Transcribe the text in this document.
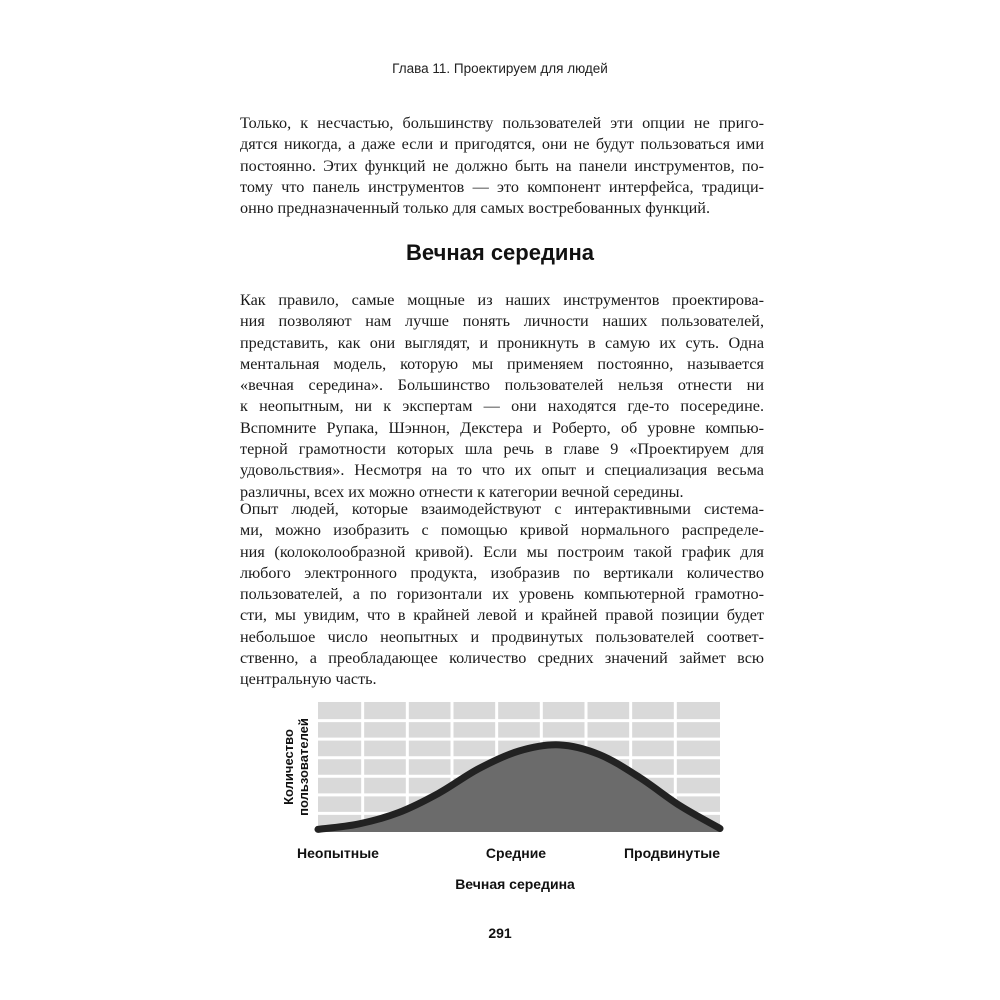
Глава 11. Проектируем для людей
Только, к несчастью, большинству пользователей эти опции не приго-
дятся никогда, а даже если и пригодятся, они не будут пользоваться ими
постоянно. Этих функций не должно быть на панели инструментов, по-
тому что панель инструментов — это компонент интерфейса, традици-
онно предназначенный только для самых востребованных функций.
Вечная середина
Как правило, самые мощные из наших инструментов проектирова-
ния позволяют нам лучше понять личности наших пользователей,
представить, как они выглядят, и проникнуть в самую их суть. Одна
ментальная модель, которую мы применяем постоянно, называется
«вечная середина». Большинство пользователей нельзя отнести ни
к неопытным, ни к экспертам — они находятся где-то посередине.
Вспомните Рупака, Шэннон, Декстера и Роберто, об уровне компью-
терной грамотности которых шла речь в главе 9 «Проектируем для
удовольствия». Несмотря на то что их опыт и специализация весьма
различны, всех их можно отнести к категории вечной середины.
Опыт людей, которые взаимодействуют с интерактивными система-
ми, можно изобразить с помощью кривой нормального распределе-
ния (колоколообразной кривой). Если мы построим такой график для
любого электронного продукта, изобразив по вертикали количество
пользователей, а по горизонтали их уровень компьютерной грамотно-
сти, мы увидим, что в крайней левой и крайней правой позиции будет
небольшое число неопытных и продвинутых пользователей соответ-
ственно, а преобладающее количество средних значений займет всю
центральную часть.
Количествопользователей
Неопытные	Средние	Продвинутые
Вечная середина
291
